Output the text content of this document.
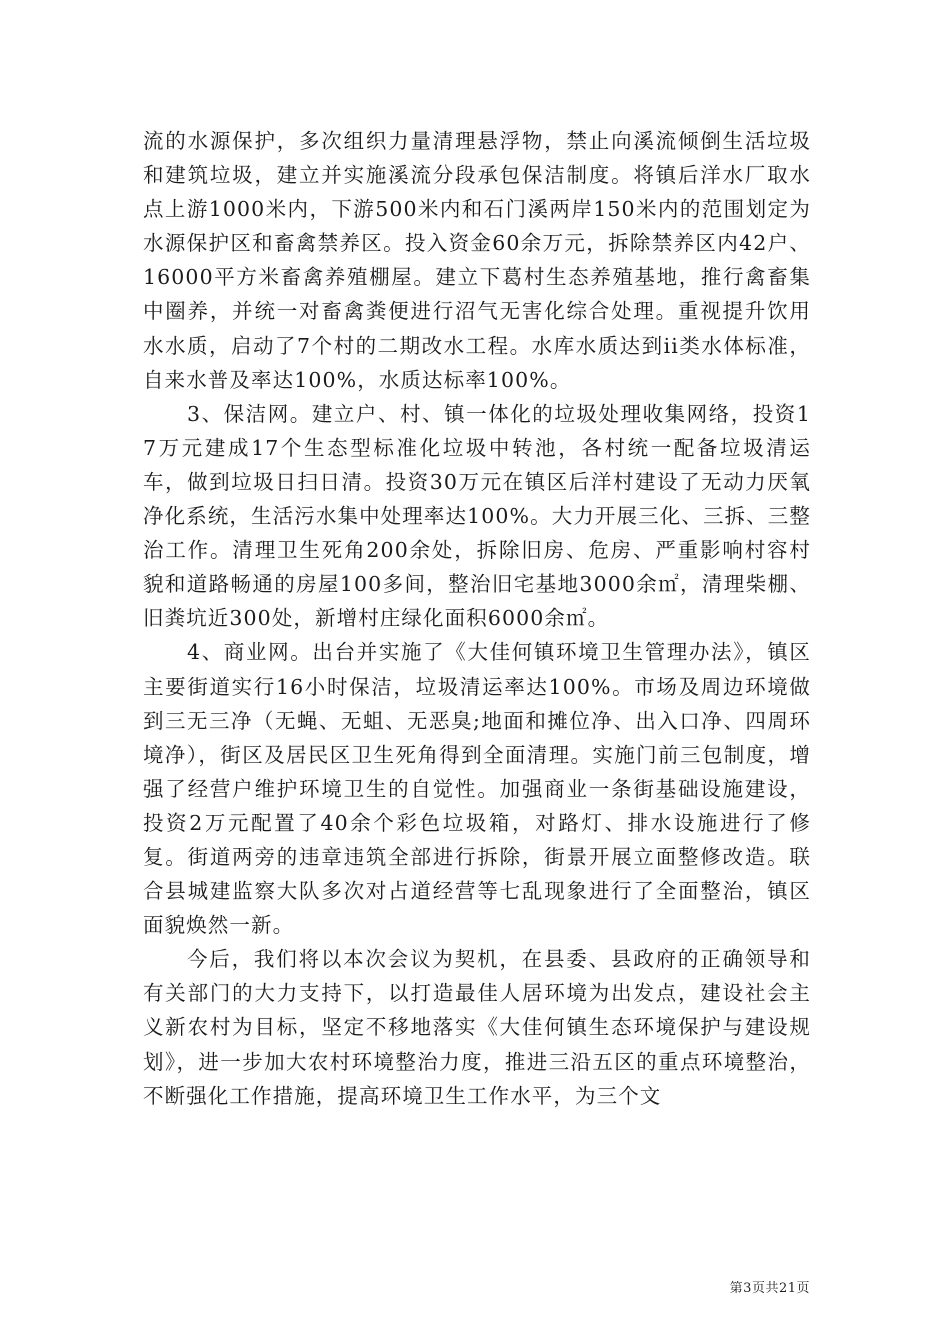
流的水源保护，多次组织力量清理悬浮物，禁止向溪流倾倒生活垃圾和建筑垃圾，建立并实施溪流分段承包保洁制度。将镇后洋水厂取水点上游1000米内，下游500米内和石门溪两岸150米内的范围划定为水源保护区和畜禽禁养区。投入资金60余万元，拆除禁养区内42户、16000平方米畜禽养殖棚屋。建立下葛村生态养殖基地，推行禽畜集中圈养，并统一对畜禽粪便进行沼气无害化综合处理。重视提升饮用水水质，启动了7个村的二期改水工程。水库水质达到ii类水体标准，自来水普及率达100%，水质达标率100%。

3、保洁网。建立户、村、镇一体化的垃圾处理收集网络，投资17万元建成17个生态型标准化垃圾中转池，各村统一配备垃圾清运车，做到垃圾日扫日清。投资30万元在镇区后洋村建设了无动力厌氧净化系统，生活污水集中处理率达100%。大力开展三化、三拆、三整治工作。清理卫生死角200余处，拆除旧房、危房、严重影响村容村貌和道路畅通的房屋100多间，整治旧宅基地3000余㎡，清理柴棚、旧粪坑近300处，新增村庄绿化面积6000余㎡。

4、商业网。出台并实施了《大佳何镇环境卫生管理办法》，镇区主要街道实行16小时保洁，垃圾清运率达100%。市场及周边环境做到三无三净（无蝇、无蛆、无恶臭;地面和摊位净、出入口净、四周环境净），街区及居民区卫生死角得到全面清理。实施门前三包制度，增强了经营户维护环境卫生的自觉性。加强商业一条街基础设施建设，投资2万元配置了40余个彩色垃圾箱，对路灯、排水设施进行了修复。街道两旁的违章违筑全部进行拆除，街景开展立面整修改造。联合县城建监察大队多次对占道经营等七乱现象进行了全面整治，镇区面貌焕然一新。

今后，我们将以本次会议为契机，在县委、县政府的正确领导和有关部门的大力支持下，以打造最佳人居环境为出发点，建设社会主义新农村为目标，坚定不移地落实《大佳何镇生态环境保护与建设规划》，进一步加大农村环境整治力度，推进三沿五区的重点环境整治，不断强化工作措施，提高环境卫生工作水平，为三个文

第3页共21页
